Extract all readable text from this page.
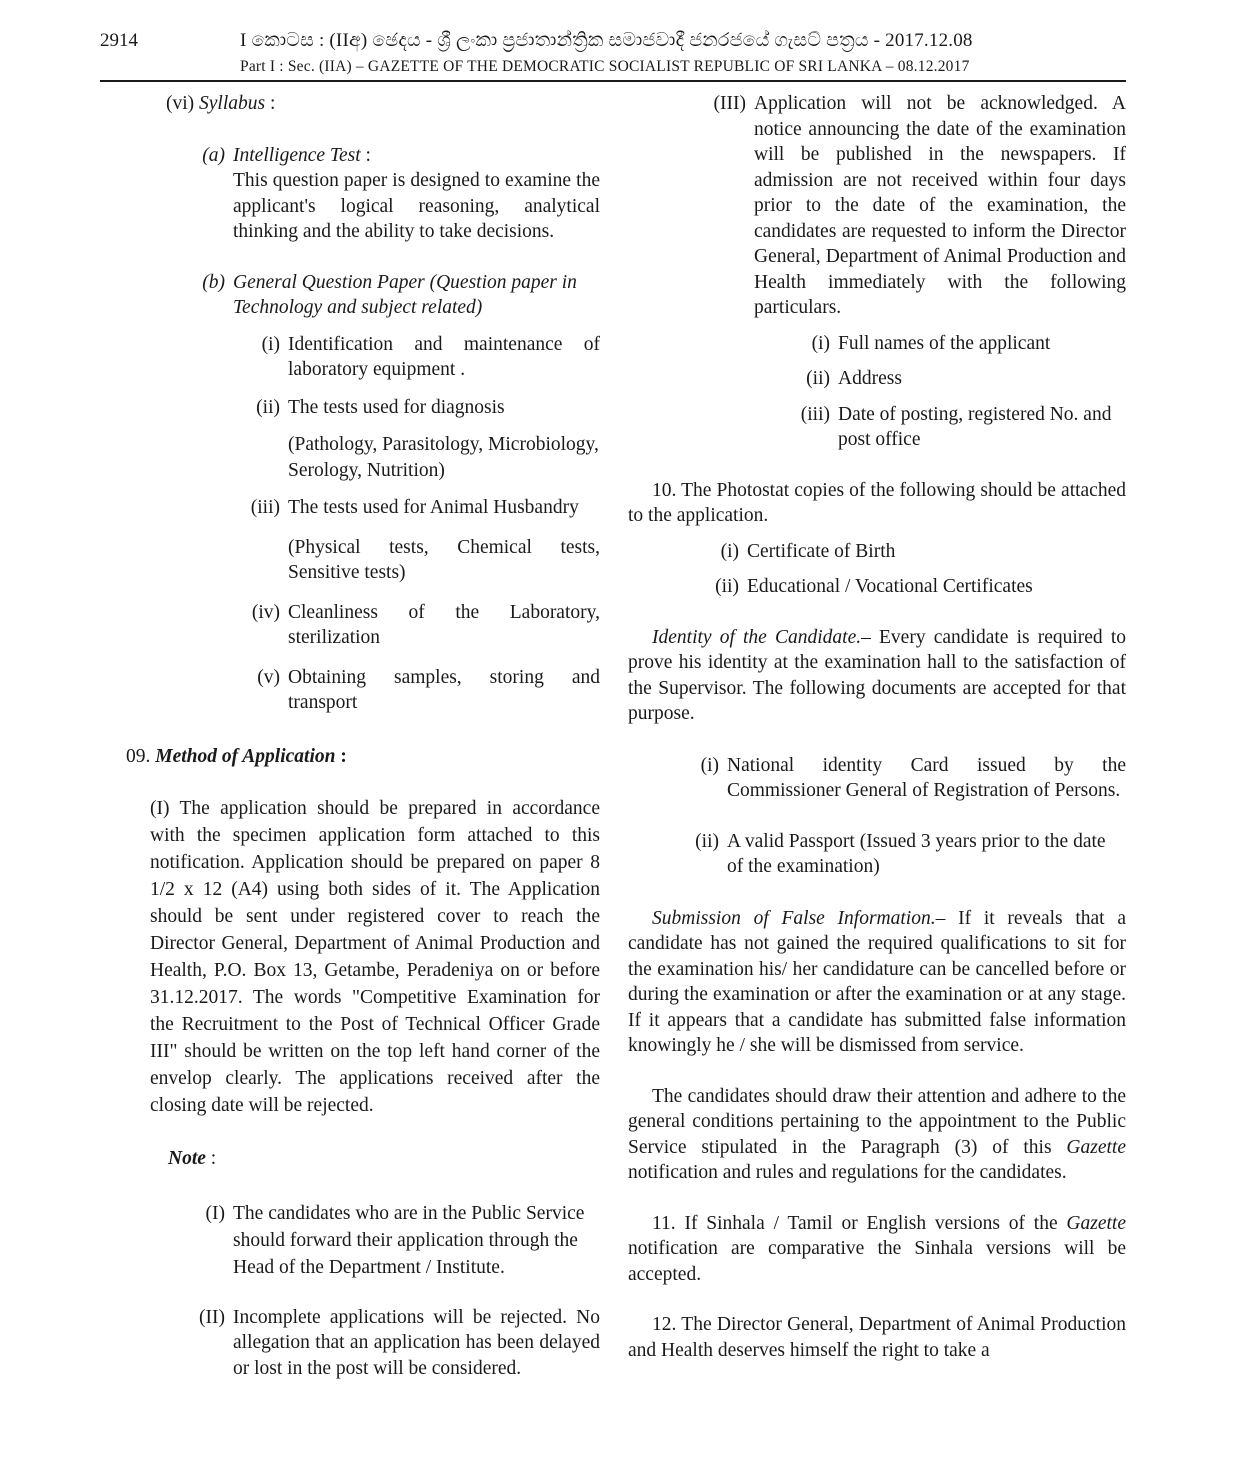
2914	I කොටස : (IIඅ) ඡෙදය - ශ්‍රී ලංකා ප්‍රජාතාන්ත්‍රික සමාජවාදී ජනරජයේ ගැසට් පත්‍රය - 2017.12.08
Part I : Sec. (IIA) – GAZETTE OF THE DEMOCRATIC SOCIALIST REPUBLIC OF SRI LANKA – 08.12.2017
(vi) Syllabus :
(a) Intelligence Test :

This question paper is designed to examine the applicant's logical reasoning, analytical thinking and the ability to take decisions.

(b) General Question Paper (Question paper in Technology and subject related)
(i) Identification and maintenance of laboratory equipment .
(ii) The tests used for diagnosis
(Pathology, Parasitology, Microbiology, Serology, Nutrition)
(iii) The tests used for Animal Husbandry
(Physical tests, Chemical tests, Sensitive tests)
(iv) Cleanliness of the Laboratory, sterilization
(v) Obtaining samples, storing and transport
09. Method of Application :

(I) The application should be prepared in accordance with the specimen application form attached to this notification. Application should be prepared on paper 8 1/2 x 12 (A4) using both sides of it. The Application should be sent under registered cover to reach the Director General, Department of Animal Production and Health, P.O. Box 13, Getambe, Peradeniya on or before 31.12.2017. The words "Competitive Examination for the Recruitment to the Post of Technical Officer Grade III" should be written on the top left hand corner of the envelop clearly. The applications received after the closing date will be rejected.

Note :
(I) The candidates who are in the Public Service should forward their application through the Head of the Department / Institute.
(II) Incomplete applications will be rejected. No allegation that an application has been delayed or lost in the post will be considered.
(III) Application will not be acknowledged. A notice announcing the date of the examination will be published in the newspapers. If admission are not received within four days prior to the date of the examination, the candidates are requested to inform the Director General, Department of Animal Production and Health immediately with the following particulars.
(i) Full names of the applicant
(ii) Address
(iii) Date of posting, registered No. and post office

10. The Photostat copies of the following should be attached to the application.

(i) Certificate of Birth
(ii) Educational / Vocational Certificates

Identity of the Candidate.– Every candidate is required to prove his identity at the examination hall to the satisfaction of the Supervisor. The following documents are accepted for that purpose.

(i) National identity Card issued by the Commissioner General of Registration of Persons.
(ii) A valid Passport (Issued 3 years prior to the date of the examination)

Submission of False Information.– If it reveals that a candidate has not gained the required qualifications to sit for the examination his/ her candidature can be cancelled before or during the examination or after the examination or at any stage. If it appears that a candidate has submitted false information knowingly he / she will be dismissed from service.

The candidates should draw their attention and adhere to the general conditions pertaining to the appointment to the Public Service stipulated in the Paragraph (3) of this Gazette notification and rules and regulations for the candidates.

11. If Sinhala / Tamil or English versions of the Gazette notification are comparative the Sinhala versions will be accepted.

12. The Director General, Department of Animal Production and Health deserves himself the right to take a
